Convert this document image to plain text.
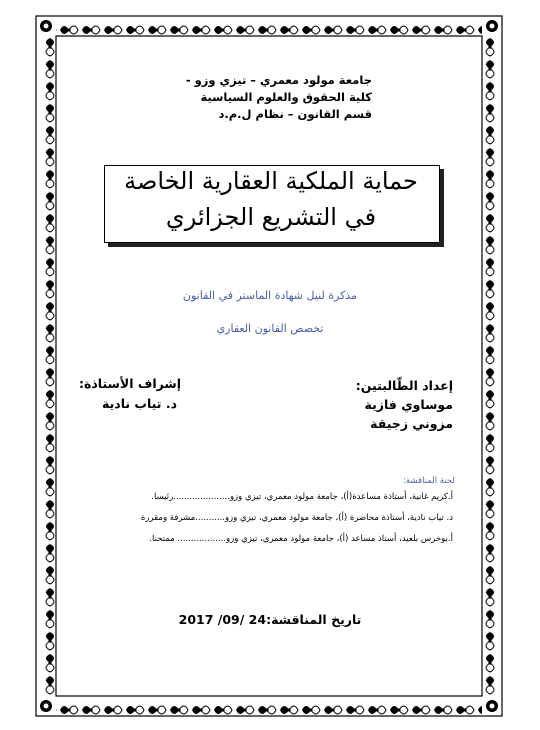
جامعة مولود معمري – تيزي وزو -
كلية الحقوق والعلوم السياسية
قسم القانون – نظام ل.م.د
حماية الملكية العقارية الخاصة
في التشريع الجزائري
مذكرة لنيل شهادة الماستر في القانون
تخصص القانون العقاري
إعداد الطّالبتين:
موساوي فازية
مزوني زجيقة
إشراف الأستاذة:
د. تياب نادية
لجنة المناقشة:
أ.كريم غانية، أستاذة مساعدة(أ)، جامعة مولود معمري، تيزي وزو.....................رئيسا.
د. تياب نادية، أستاذة محاضرة (أ)، جامعة مولود معمري، تيزي وزو...........مشرفة ومقررة
أ.بوخرس بلعيد، أستاذ مساعد (أ)، جامعة مولود معمري، تيزي وزو.................. ممتحنا.
تاريخ المناقشة:24 /09/ 2017
